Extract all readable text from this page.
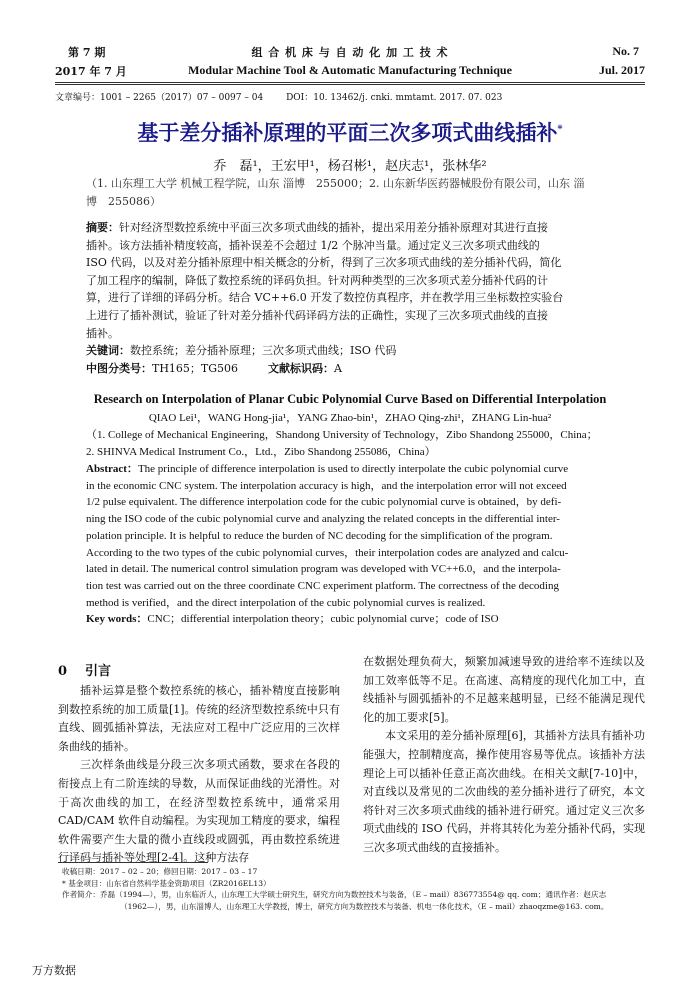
第 7 期
2017 年 7 月
组 合 机 床 与 自 动 化 加 工 技 术
Modular Machine Tool & Automatic Manufacturing Technique
No. 7
Jul. 2017
文章编号：1001 – 2265（2017）07 – 0097 – 04        DOI：10. 13462/j. cnki. mmtamt. 2017. 07. 023
基于差分插补原理的平面三次多项式曲线插补*
乔　磊¹，王宏甲¹，杨召彬¹，赵庆志¹，张林华²
（1. 山东理工大学 机械工程学院，山东 淄博　255000；2. 山东新华医药器械股份有限公司，山东 淄
博　255086）
摘要：针对经济型数控系统中平面三次多项式曲线的插补，提出采用差分插补原理对其进行直接
插补。该方法插补精度较高，插补误差不会超过 1/2 个脉冲当量。通过定义三次多项式曲线的
ISO 代码，以及对差分插补原理中相关概念的分析，得到了三次多项式曲线的差分插补代码，简化
了加工程序的编制，降低了数控系统的译码负担。针对两种类型的三次多项式差分插补代码的计
算，进行了详细的译码分析。结合 VC++6.0 开发了数控仿真程序，并在教学用三坐标数控实验台
上进行了插补测试，验证了针对差分插补代码译码方法的正确性，实现了三次多项式曲线的直接
插补。
关键词：数控系统；差分插补原理；三次多项式曲线；ISO 代码
中图分类号：TH165；TG506	文献标识码：A
Research on Interpolation of Planar Cubic Polynomial Curve Based on Differential Interpolation
QIAO Lei¹，WANG Hong-jia¹，YANG Zhao-bin¹，ZHAO Qing-zhi¹，ZHANG Lin-hua²
（1. College of Mechanical Engineering，Shandong University of Technology，Zibo Shandong 255000，China；
2. SHINVA Medical Instrument Co.，Ltd.，Zibo Shandong 255086，China）
Abstract：The principle of difference interpolation is used to directly interpolate the cubic polynomial curve
in the economic CNC system. The interpolation accuracy is high，and the interpolation error will not exceed
1/2 pulse equivalent. The difference interpolation code for the cubic polynomial curve is obtained，by defi-
ning the ISO code of the cubic polynomial curve and analyzing the related concepts in the differential inter-
polation principle. It is helpful to reduce the burden of NC decoding for the simplification of the program.
According to the two types of the cubic polynomial curves，their interpolation codes are analyzed and calcu-
lated in detail. The numerical control simulation program was developed with VC++6.0，and the interpola-
tion test was carried out on the three coordinate CNC experiment platform. The correctness of the decoding
method is verified，and the direct interpolation of the cubic polynomial curves is realized.
Key words：CNC；differential interpolation theory；cubic polynomial curve；code of ISO
0 引言

插补运算是整个数控系统的核心，插补精度直接影响到数控系统的加工质量[1]。传统的经济型数控系统中只有直线、圆弧插补算法，无法应对工程中广泛应用的三次样条曲线的插补。

三次样条曲线是分段三次多项式函数，要求在各段的衔接点上有二阶连续的导数，从而保证曲线的光滑性。对于高次曲线的加工，在经济型数控系统中，通常采用 CAD/CAM 软件自动编程。为实现加工精度的要求，编程软件需要产生大量的微小直线段或圆弧，再由数控系统进行译码与插补等处理[2-4]。这种方法存

在数据处理负荷大，频繁加减速导致的进给率不连续以及加工效率低等不足。在高速、高精度的现代化加工中，直线插补与圆弧插补的不足越来越明显，已经不能满足现代化的加工要求[5]。

本文采用的差分插补原理[6]，其插补方法具有插补功能强大，控制精度高，操作使用容易等优点。该插补方法理论上可以插补任意正高次曲线。在相关文献[7-10]中，对直线以及常见的二次曲线的差分插补进行了研究，本文将针对三次多项式曲线的插补进行研究。通过定义三次多项式曲线的 ISO 代码，并将其转化为差分插补代码，实现三次多项式曲线的直接插补。

收稿日期：2017 – 02 – 20；修回日期：2017 – 03 – 17
* 基金项目：山东省自然科学基金资助项目（ZR2016EL13）
作者简介：乔磊（1994—），男，山东临沂人，山东理工大学硕士研究生，研究方向为数控技术与装备，（E – mail）836773554@ qq. com；通讯作者：赵庆志
（1962—），男，山东淄博人，山东理工大学教授，博士，研究方向为数控技术与装备、机电一体化技术，（E – mail）zhaoqzme@163. com。
万方数据
